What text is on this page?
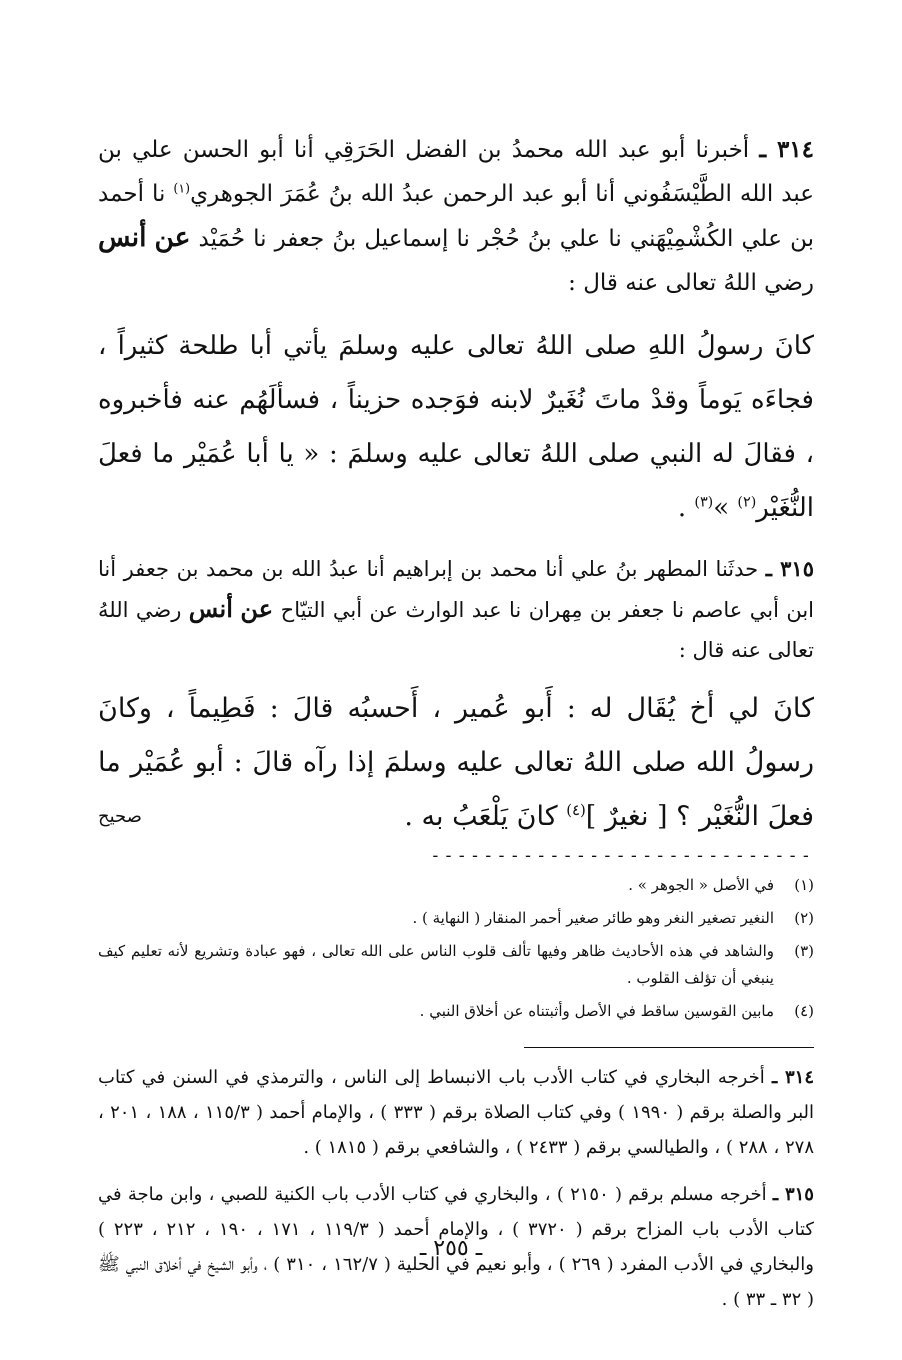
٣١٤ ـ أخبرنا أبو عبد الله محمدُ بن الفضل الحَرَقِي أنا أبو الحسن علي بن عبد الله الطَّيْسَفُوني أنا أبو عبد الرحمن عبدُ الله بنُ عُمَرَ الجوهري$^{(١)}$ نا أحمد بن علي الكُشْمِيْهَني نا علي بنُ حُجْر نا إسماعيل بنُ جعفر نا حُمَيْد عن أنس رضي اللهُ تعالى عنه قال :

كانَ رسولُ اللهِ صلى اللهُ تعالى عليه وسلمَ يأتي أبا طلحة كثيراً ، فجاءَه يَوماً وقدْ ماتَ نُغَيرٌ لابنه فوَجده حزيناً ، فسألَهُم عنه فأخبروه ، فقالَ له النبي صلى اللهُ تعالى عليه وسلمَ : « يا أبا عُمَيْر ما فعلَ النُّغَيْر$^{(٢)}$ »$^{(٣)}$ .

٣١٥ ـ حدثَنا المطهر بنُ علي أنا محمد بن إبراهيم أنا عبدُ الله بن محمد بن جعفر أنا ابن أبي عاصم نا جعفر بن مِهران نا عبد الوارث عن أبي التيّاح عن أنس رضي اللهُ تعالى عنه قال :

كانَ لي أخ يُقَال له : أَبو عُمير ، أَحسبُه قالَ : فَطِيماً ، وكانَ رسولُ الله صلى اللهُ تعالى عليه وسلمَ إذا رآه قالَ : أبو عُمَيْر ما فعلَ النُّغَيْر ؟ [ نغيرٌ ]$^{(٤)}$ كانَ يَلْعَبُ به .
صحيح

-----------------------------
(١)
في الأصل « الجوهر » .
(٢)
النغير تصغير النغر وهو طائر صغير أحمر المنقار ( النهاية ) .
(٣)
والشاهد في هذه الأحاديث ظاهر وفيها تألف قلوب الناس على الله تعالى ، فهو عبادة وتشريع لأنه تعليم كيف ينبغي أن تؤلف القلوب .
(٤)
مابين القوسين ساقط في الأصل وأثبتناه عن أخلاق النبي .

٣١٤ ـ أخرجه البخاري في كتاب الأدب باب الانبساط إلى الناس ، والترمذي في السنن في كتاب البر والصلة برقم ( ١٩٩٠ ) وفي كتاب الصلاة برقم ( ٣٣٣ ) ، والإمام أحمد ( ١١٥/٣ ، ١٨٨ ، ٢٠١ ، ٢٧٨ ، ٢٨٨ ) ، والطيالسي برقم ( ٢٤٣٣ ) ، والشافعي برقم ( ١٨١٥ ) .

٣١٥ ـ أخرجه مسلم برقم ( ٢١٥٠ ) ، والبخاري في كتاب الأدب باب الكنية للصبي ، وابن ماجة في كتاب الأدب باب المزاح برقم ( ٣٧٢٠ ) ، والإمام أحمد ( ١١٩/٣ ، ١٧١ ، ١٩٠ ، ٢١٢ ، ٢٢٣ ) والبخاري في الأدب المفرد ( ٢٦٩ ) ، وأبو نعيم في الحلية ( ١٦٢/٧ ، ٣١٠ ) ، وأبو الشيخ في أخلاق النبي ﷺ ( ٣٢ ـ ٣٣ ) .

ـ ٢٥٥ ـ
